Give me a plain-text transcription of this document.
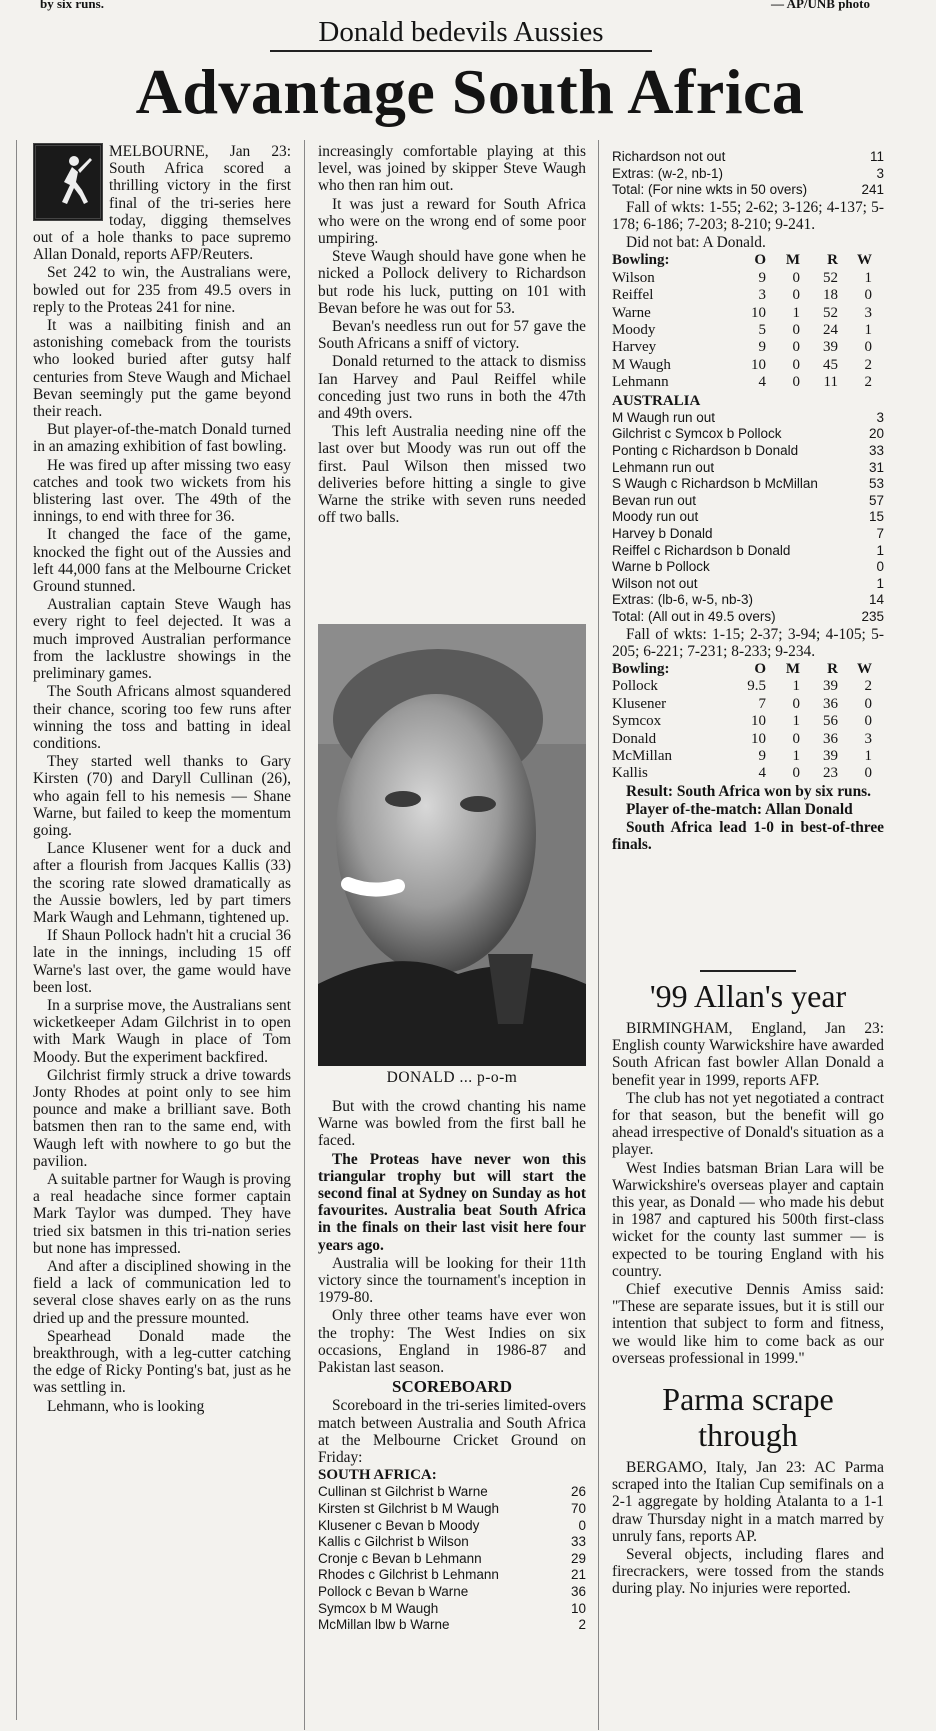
by six runs.	— AP/UNB photo
Donald bedevils Aussies
Advantage South Africa

MELBOURNE, Jan 23: South Africa scored a thrilling victory in the first final of the tri-series here today, digging themselves out of a hole thanks to pace supremo Allan Donald, reports AFP/Reuters.

Set 242 to win, the Australians were, bowled out for 235 from 49.5 overs in reply to the Proteas 241 for nine.

It was a nailbiting finish and an astonishing comeback from the tourists who looked buried after gutsy half centuries from Steve Waugh and Michael Bevan seemingly put the game beyond their reach.

But player-of-the-match Donald turned in an amazing exhibition of fast bowling.

He was fired up after missing two easy catches and took two wickets from his blistering last over. The 49th of the innings, to end with three for 36.

It changed the face of the game, knocked the fight out of the Aussies and left 44,000 fans at the Melbourne Cricket Ground stunned.

Australian captain Steve Waugh has every right to feel dejected. It was a much improved Australian performance from the lacklustre showings in the preliminary games.

The South Africans almost squandered their chance, scoring too few runs after winning the toss and batting in ideal conditions.

They started well thanks to Gary Kirsten (70) and Daryll Cullinan (26), who again fell to his nemesis — Shane Warne, but failed to keep the momentum going.

Lance Klusener went for a duck and after a flourish from Jacques Kallis (33) the scoring rate slowed dramatically as the Aussie bowlers, led by part timers Mark Waugh and Lehmann, tightened up.

If Shaun Pollock hadn't hit a crucial 36 late in the innings, including 15 off Warne's last over, the game would have been lost.

In a surprise move, the Australians sent wicketkeeper Adam Gilchrist in to open with Mark Waugh in place of Tom Moody. But the experiment backfired.

Gilchrist firmly struck a drive towards Jonty Rhodes at point only to see him pounce and make a brilliant save. Both batsmen then ran to the same end, with Waugh left with nowhere to go but the pavilion.

A suitable partner for Waugh is proving a real headache since former captain Mark Taylor was dumped. They have tried six batsmen in this tri-nation series but none has impressed.

And after a disciplined showing in the field a lack of communication led to several close shaves early on as the runs dried up and the pressure mounted.

Spearhead Donald made the breakthrough, with a leg-cutter catching the edge of Ricky Ponting's bat, just as he was settling in.

Lehmann, who is looking

increasingly comfortable playing at this level, was joined by skipper Steve Waugh who then ran him out.

It was just a reward for South Africa who were on the wrong end of some poor umpiring.

Steve Waugh should have gone when he nicked a Pollock delivery to Richardson but rode his luck, putting on 101 with Bevan before he was out for 53.

Bevan's needless run out for 57 gave the South Africans a sniff of victory.

Donald returned to the attack to dismiss Ian Harvey and Paul Reiffel while conceding just two runs in both the 47th and 49th overs.

This left Australia needing nine off the last over but Moody was run out off the first. Paul Wilson then missed two deliveries before hitting a single to give Warne the strike with seven runs needed off two balls.

DONALD ... p-o-m

But with the crowd chanting his name Warne was bowled from the first ball he faced.

The Proteas have never won this triangular trophy but will start the second final at Sydney on Sunday as hot favourites. Australia beat South Africa in the finals on their last visit here four years ago.

Australia will be looking for their 11th victory since the tournament's inception in 1979-80.

Only three other teams have ever won the trophy: The West Indies on six occasions, England in 1986-87 and Pakistan last season.

SCOREBOARD

Scoreboard in the tri-series limited-overs match between Australia and South Africa at the Melbourne Cricket Ground on Friday:

SOUTH AFRICA:
Cullinan st Gilchrist b Warne	26
Kirsten st Gilchrist b M Waugh	70
Klusener c Bevan b Moody	0
Kallis c Gilchrist b Wilson	33
Cronje c Bevan b Lehmann	29
Rhodes c Gilchrist b Lehmann	21
Pollock c Bevan b Warne	36
Symcox b M Waugh	10
McMillan lbw b Warne	2
Richardson not out	11
Extras: (w-2, nb-1)	3
Total: (For nine wkts in 50 overs)	241

Fall of wkts: 1-55; 2-62; 3-126; 4-137; 5-178; 6-186; 7-203; 8-210; 9-241.

Did not bat: A Donald.

Bowling:	O	M	R	W
Wilson	9	0	52	1
Reiffel	3	0	18	0
Warne	10	1	52	3
Moody	5	0	24	1
Harvey	9	0	39	0
M Waugh	10	0	45	2
Lehmann	4	0	11	2
AUSTRALIA
M Waugh run out	3
Gilchrist c Symcox b Pollock	20
Ponting c Richardson b Donald	33
Lehmann run out	31
S Waugh c Richardson b McMillan	53
Bevan run out	57
Moody run out	15
Harvey b Donald	7
Reiffel c Richardson b Donald	1
Warne b Pollock	0
Wilson not out	1
Extras: (lb-6, w-5, nb-3)	14
Total: (All out in 49.5 overs)	235

Fall of wkts: 1-15; 2-37; 3-94; 4-105; 5-205; 6-221; 7-231; 8-233; 9-234.

Bowling:	O	M	R	W
Pollock	9.5	1	39	2
Klusener	7	0	36	0
Symcox	10	1	56	0
Donald	10	0	36	3
McMillan	9	1	39	1
Kallis	4	0	23	0

Result: South Africa won by six runs.

Player of-the-match: Allan Donald

South Africa lead 1-0 in best-of-three finals.

'99 Allan's year

BIRMINGHAM, England, Jan 23: English county Warwickshire have awarded South African fast bowler Allan Donald a benefit year in 1999, reports AFP.

The club has not yet negotiated a contract for that season, but the benefit will go ahead irrespective of Donald's situation as a player.

West Indies batsman Brian Lara will be Warwickshire's overseas player and captain this year, as Donald — who made his debut in 1987 and captured his 500th first-class wicket for the county last summer — is expected to be touring England with his country.

Chief executive Dennis Amiss said: "These are separate issues, but it is still our intention that subject to form and fitness, we would like him to come back as our overseas professional in 1999."

Parma scrape through

BERGAMO, Italy, Jan 23: AC Parma scraped into the Italian Cup semifinals on a 2-1 aggregate by holding Atalanta to a 1-1 draw Thursday night in a match marred by unruly fans, reports AP.

Several objects, including flares and firecrackers, were tossed from the stands during play. No injuries were reported.
